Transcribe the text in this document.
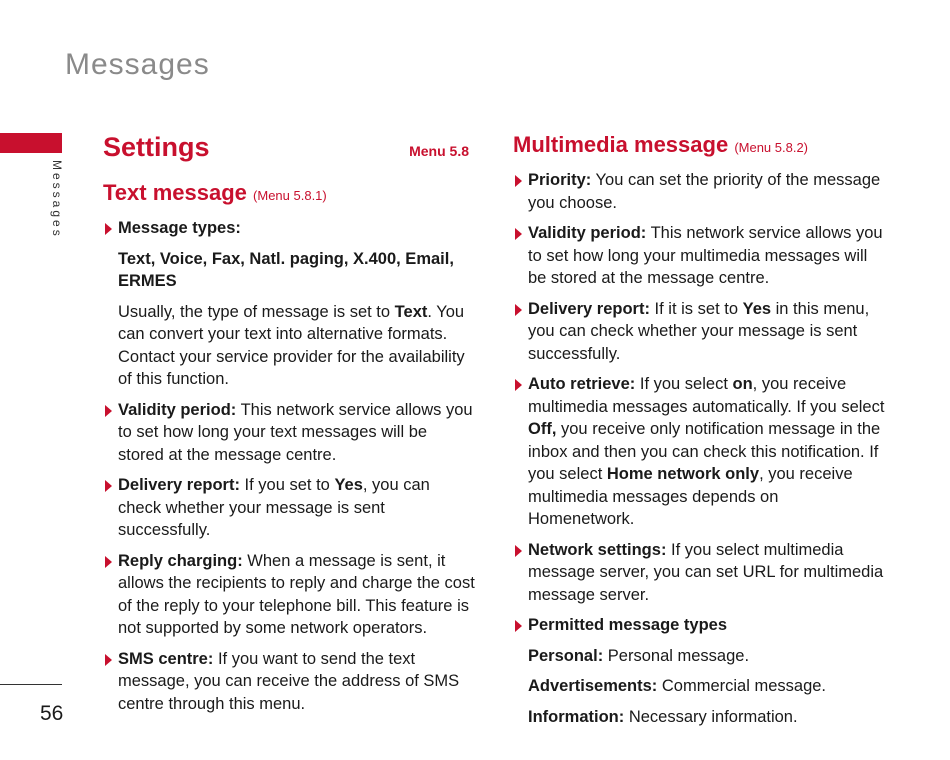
Messages
Messages
56
Settings	Menu 5.8
Text message (Menu 5.8.1)
Message types:
Text, Voice, Fax, Natl. paging, X.400, Email, ERMES
Usually, the type of message is set to Text. You can convert your text into alternative formats. Contact your service provider for the availability of this function.
Validity period: This network service allows you to set how long your text messages will be stored at the message centre.
Delivery report: If you set to Yes, you can check whether your message is sent successfully.
Reply charging: When a message is sent, it allows the recipients to reply and charge the cost of the reply to your telephone bill. This feature is not supported by some network operators.
SMS centre: If you want to send the text message, you can receive the address of SMS centre through this menu.
Multimedia message (Menu 5.8.2)
Priority: You can set the priority of the message you choose.
Validity period: This network service allows you to set how long your multimedia messages will be stored at the message centre.
Delivery report: If it is set to Yes in this menu, you can check whether your message is sent successfully.
Auto retrieve: If you select on, you receive multimedia messages automatically. If you select Off, you receive only notification message in the inbox and then you can check this notification. If you select Home network only, you receive multimedia messages depends on Homenetwork.
Network settings: If you select multimedia message server, you can set URL for multimedia message server.
Permitted message types
Personal: Personal message.
Advertisements: Commercial message.
Information: Necessary information.
